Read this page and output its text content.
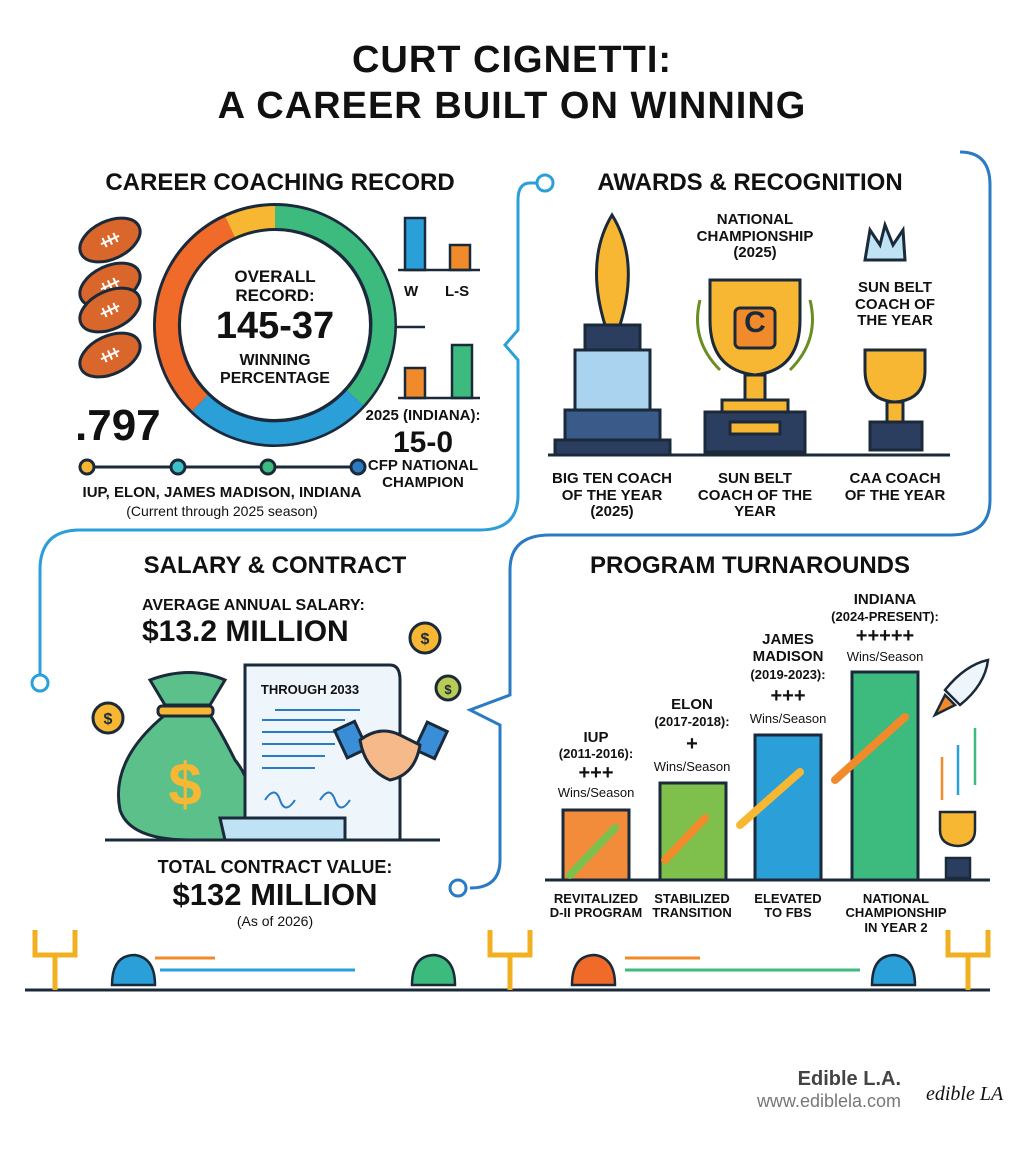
CURT CIGNETTI:
A CAREER BUILT ON WINNING
CAREER COACHING RECORD
OVERALL RECORD:
145-37
WINNING PERCENTAGE
.797
W L-S
IUP, ELON, JAMES MADISON, INDIANA
(Current through 2025 season)
2025 (INDIANA):
15-0
CFP NATIONAL CHAMPION
AWARDS & RECOGNITION
C
NATIONAL CHAMPIONSHIP (2025)
SUN BELT COACH OF THE YEAR
BIG TEN COACH OF THE YEAR (2025)
SUN BELT COACH OF THE YEAR
CAA COACH OF THE YEAR
SALARY & CONTRACT
AVERAGE ANNUAL SALARY:
$13.2 MILLION
$
$
$
$
THROUGH 2033
TOTAL CONTRACT VALUE:
$132 MILLION
(As of 2026)
PROGRAM TURNAROUNDS
IUP
(2011-2016):
+++
Wins/Season
REVITALIZED D-II PROGRAM
ELON
(2017-2018):
+
Wins/Season
STABILIZED TRANSITION
JAMES MADISON
(2019-2023):
+++
Wins/Season
ELEVATED TO FBS
INDIANA
(2024-PRESENT):
+++++
Wins/Season
NATIONAL CHAMPIONSHIP IN YEAR 2
Edible L.A.
www.ediblela.com edible LA
